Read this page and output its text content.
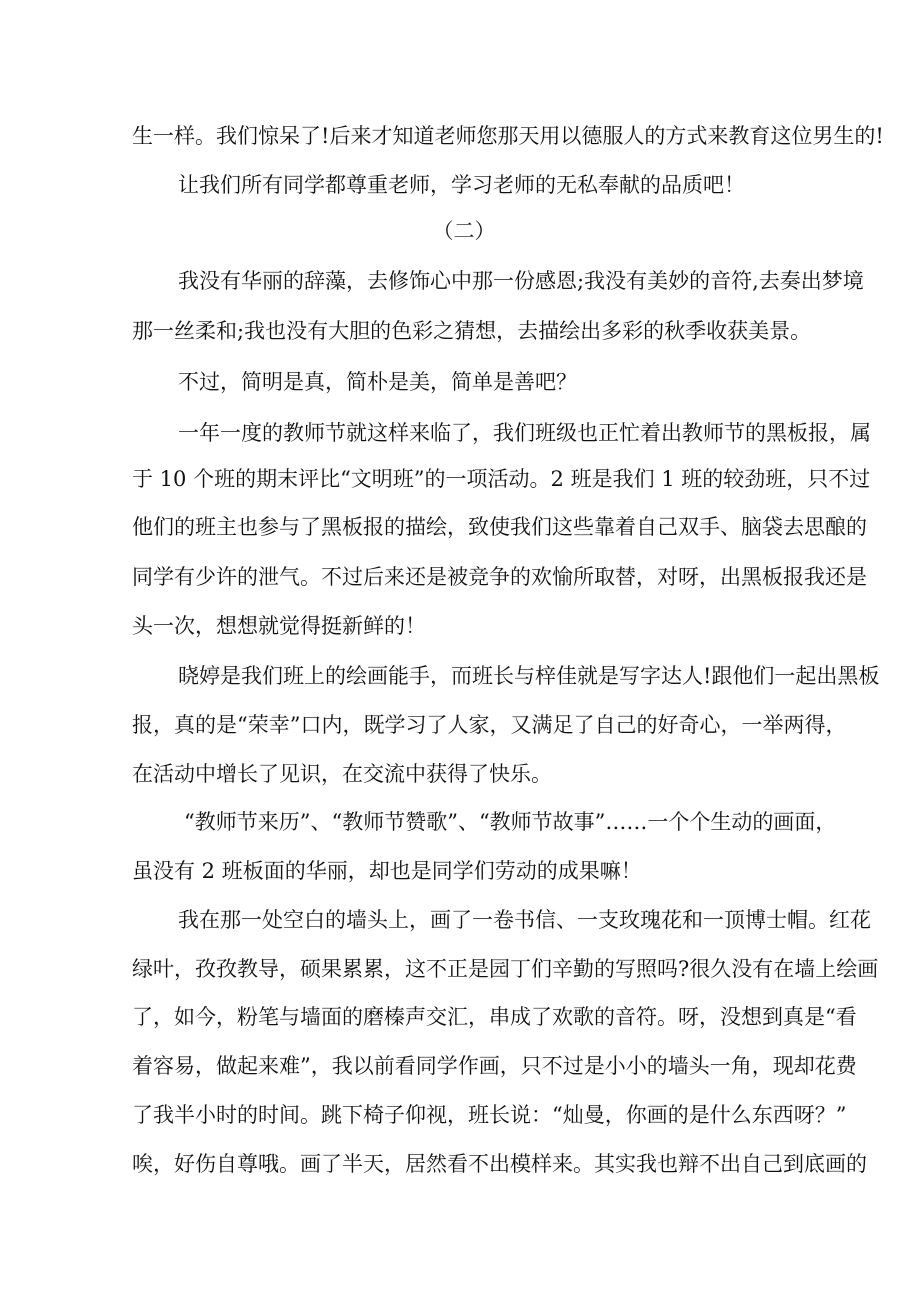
生一样。我们惊呆了!后来才知道老师您那天用以德服人的方式来教育这位男生的!
让我们所有同学都尊重老师，学习老师的无私奉献的品质吧！
（二）
我没有华丽的辞藻，去修饰心中那一份感恩;我没有美妙的音符,去奏出梦境
那一丝柔和;我也没有大胆的色彩之猜想，去描绘出多彩的秋季收获美景。
不过，简明是真，简朴是美，简单是善吧？
一年一度的教师节就这样来临了，我们班级也正忙着出教师节的黑板报，属
于 10 个班的期末评比“文明班”的一项活动。2 班是我们 1 班的较劲班，只不过
他们的班主也参与了黑板报的描绘，致使我们这些靠着自己双手、脑袋去思酿的
同学有少许的泄气。不过后来还是被竞争的欢愉所取替，对呀，出黑板报我还是
头一次，想想就觉得挺新鲜的！
晓婷是我们班上的绘画能手，而班长与梓佳就是写字达人!跟他们一起出黑板
报，真的是“荣幸”口内，既学习了人家，又满足了自己的好奇心，一举两得，
在活动中增长了见识，在交流中获得了快乐。
“教师节来历”、“教师节赞歌”、“教师节故事”……一个个生动的画面，
虽没有 2 班板面的华丽，却也是同学们劳动的成果嘛！
我在那一处空白的墙头上，画了一卷书信、一支玫瑰花和一顶博士帽。红花
绿叶，孜孜教导，硕果累累，这不正是园丁们辛勤的写照吗?很久没有在墙上绘画
了，如今，粉笔与墙面的磨榛声交汇，串成了欢歌的音符。呀，没想到真是“看
着容易，做起来难”，我以前看同学作画，只不过是小小的墙头一角，现却花费
了我半小时的时间。跳下椅子仰视，班长说：“灿曼，你画的是什么东西呀？”
唉，好伤自尊哦。画了半天，居然看不出模样来。其实我也辩不出自己到底画的
